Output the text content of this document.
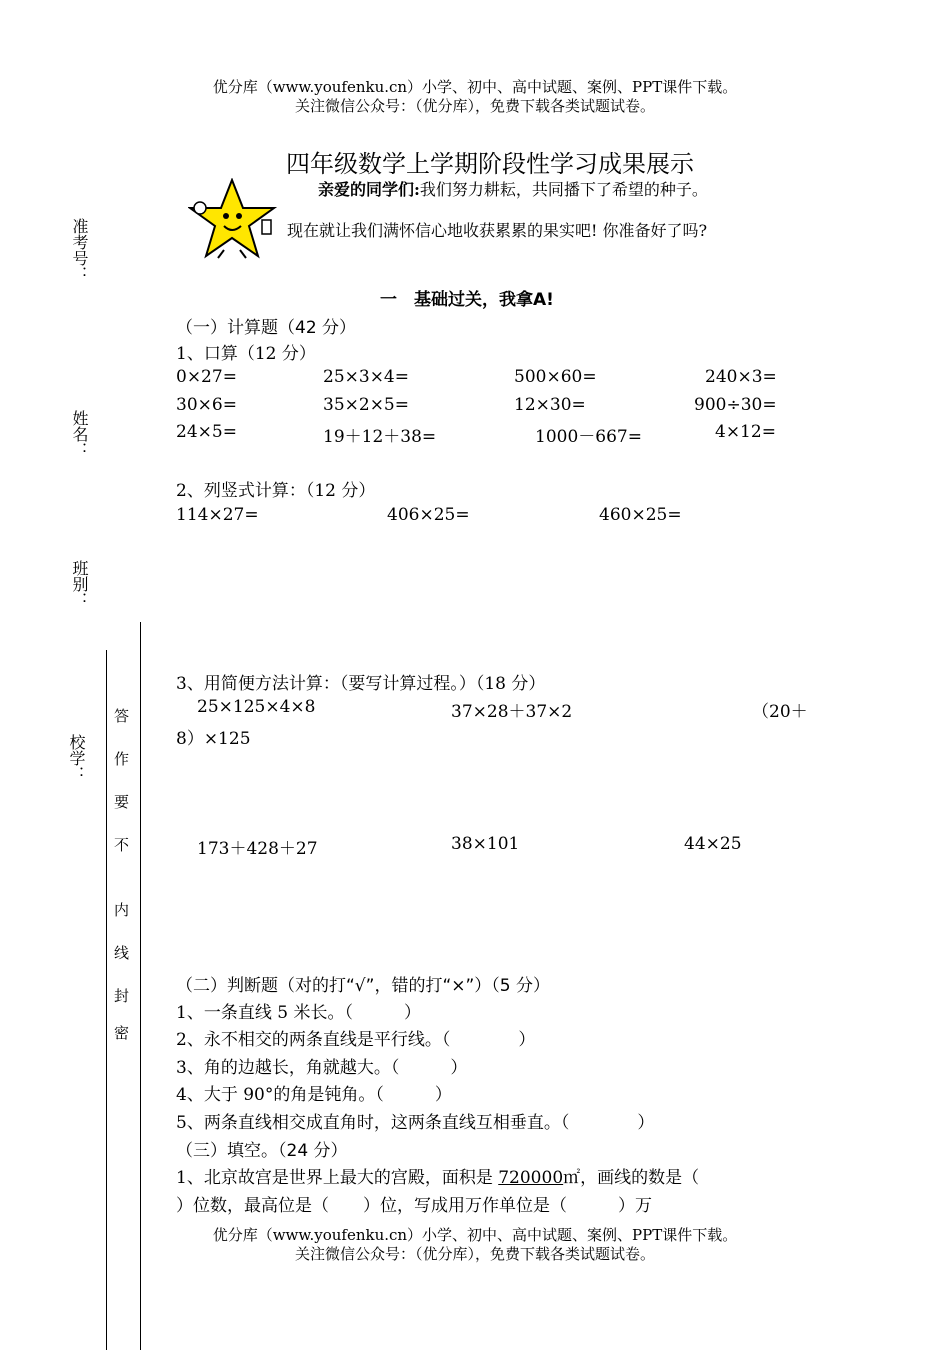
优分库（www.youfenku.cn）小学、初中、高中试题、案例、PPT课件下载。
关注微信公众号：（优分库），免费下载各类试题试卷。
四年级数学上学期阶段性学习成果展示
亲爱的同学们:我们努力耕耘，共同播下了希望的种子。
现在就让我们满怀信心地收获累累的果实吧! 你准备好了吗?
准考号：
姓名：
班别：
校学：
密
封
线
内
不
要
作
答
一　基础过关，我拿A!
（一）计算题（42 分）
1、口算（12 分）
0×27=	25×3×4=	500×60=	240×3=
30×6=	35×2×5=	12×30=	900÷30=
24×5=	19＋12＋38=	1000－667=	4×12=
2、列竖式计算：（12 分）
114×27=	406×25=	460×25=
3、用简便方法计算：（要写计算过程。）（18 分）
25×125×4×8	37×28＋37×2	（20＋
8）×125
173＋428＋27	38×101	44×25
（二）判断题（对的打“√”，错的打“×”）（5 分）
1、一条直线 5 米长。（　　　）
2、永不相交的两条直线是平行线。（　　　　）
3、角的边越长，角就越大。（　　　）
4、大于 90°的角是钝角。（　　　）
5、两条直线相交成直角时，这两条直线互相垂直。（　　　　）
（三）填空。（24 分）
1、北京故宫是世界上最大的宫殿，面积是 720000㎡，画线的数是（
）位数，最高位是（　　）位，写成用万作单位是（　　　）万
优分库（www.youfenku.cn）小学、初中、高中试题、案例、PPT课件下载。
关注微信公众号：（优分库），免费下载各类试题试卷。
